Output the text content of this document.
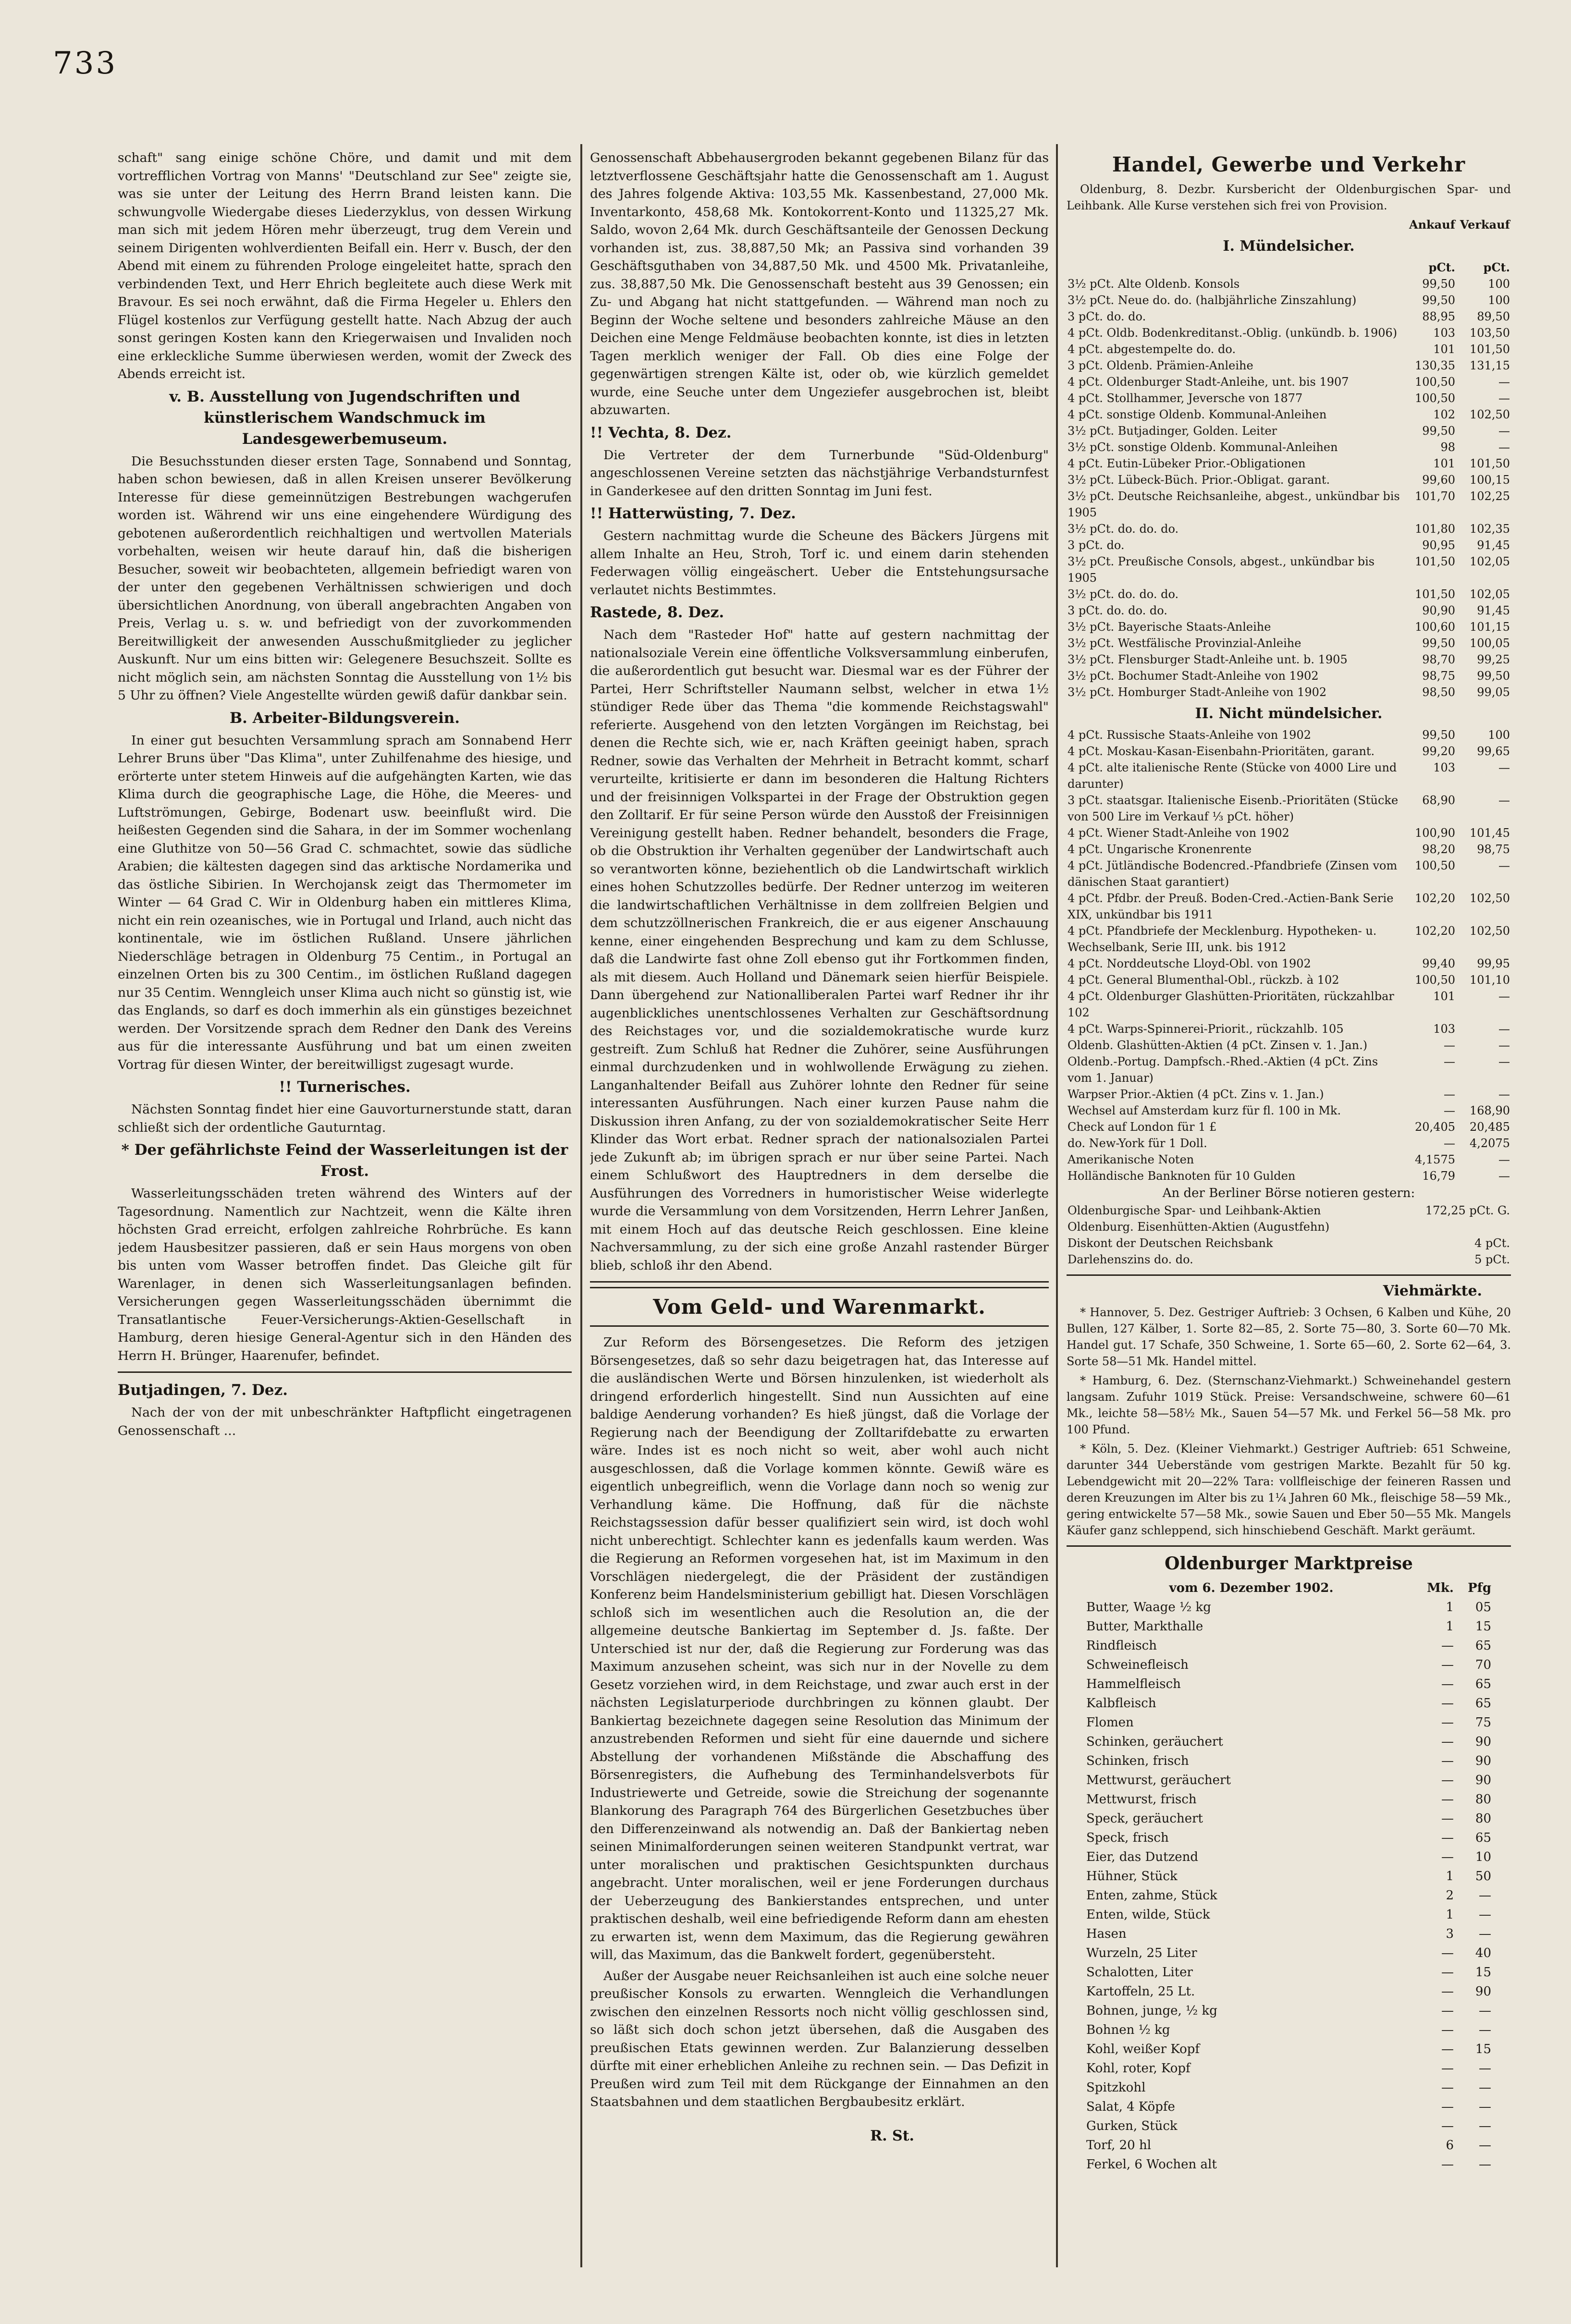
733

schaft" sang einige schöne Chöre, und damit und mit dem vortrefflichen Vortrag von Manns' "Deutschland zur See" zeigte sie, was sie unter der Leitung des Herrn Brand leisten kann. Die schwungvolle Wiedergabe dieses Liederzyklus, von dessen Wirkung man sich mit jedem Hören mehr überzeugt, trug dem Verein und seinem Dirigenten wohlverdienten Beifall ein. Herr v. Busch, der den Abend mit einem zu führenden Prologe eingeleitet hatte, sprach den verbindenden Text, und Herr Ehrich begleitete auch diese Werk mit Bravour. Es sei noch erwähnt, daß die Firma Hegeler u. Ehlers den Flügel kostenlos zur Verfügung gestellt hatte. Nach Abzug der auch sonst geringen Kosten kann den Kriegerwaisen und Invaliden noch eine erkleckliche Summe überwiesen werden, womit der Zweck des Abends erreicht ist.

v. B. Ausstellung von Jugendschriften und künstlerischem Wandschmuck im Landesgewerbemuseum.

Die Besuchsstunden dieser ersten Tage, Sonnabend und Sonntag, haben schon bewiesen, daß in allen Kreisen unserer Bevölkerung Interesse für diese gemeinnützigen Bestrebungen wachgerufen worden ist. Während wir uns eine eingehendere Würdigung des gebotenen außerordentlich reichhaltigen und wertvollen Materials vorbehalten, weisen wir heute darauf hin, daß die bisherigen Besucher, soweit wir beobachteten, allgemein befriedigt waren von der unter den gegebenen Verhältnissen schwierigen und doch übersichtlichen Anordnung, von überall angebrachten Angaben von Preis, Verlag u. s. w. und befriedigt von der zuvorkommenden Bereitwilligkeit der anwesenden Ausschußmitglieder zu jeglicher Auskunft. Nur um eins bitten wir: Gelegenere Besuchszeit. Sollte es nicht möglich sein, am nächsten Sonntag die Ausstellung von 1½ bis 5 Uhr zu öffnen? Viele Angestellte würden gewiß dafür dankbar sein.

B. Arbeiter-Bildungsverein.

In einer gut besuchten Versammlung sprach am Sonnabend Herr Lehrer Bruns über "Das Klima", unter Zuhilfenahme des hiesige, und erörterte unter stetem Hinweis auf die aufgehängten Karten, wie das Klima durch die geographische Lage, die Höhe, die Meeres- und Luftströmungen, Gebirge, Bodenart usw. beeinflußt wird. Die heißesten Gegenden sind die Sahara, in der im Sommer wochenlang eine Gluthitze von 50—56 Grad C. schmachtet, sowie das südliche Arabien; die kältesten dagegen sind das arktische Nordamerika und das östliche Sibirien. In Werchojansk zeigt das Thermometer im Winter — 64 Grad C. Wir in Oldenburg haben ein mittleres Klima, nicht ein rein ozeanisches, wie in Portugal und Irland, auch nicht das kontinentale, wie im östlichen Rußland. Unsere jährlichen Niederschläge betragen in Oldenburg 75 Centim., in Portugal an einzelnen Orten bis zu 300 Centim., im östlichen Rußland dagegen nur 35 Centim. Wenngleich unser Klima auch nicht so günstig ist, wie das Englands, so darf es doch immerhin als ein günstiges bezeichnet werden. Der Vorsitzende sprach dem Redner den Dank des Vereins aus für die interessante Ausführung und bat um einen zweiten Vortrag für diesen Winter, der bereitwilligst zugesagt wurde.

!! Turnerisches.

Nächsten Sonntag findet hier eine Gauvorturnerstunde statt, daran schließt sich der ordentliche Gauturntag.

* Der gefährlichste Feind der Wasserleitungen ist der Frost.

Wasserleitungsschäden treten während des Winters auf der Tagesordnung. Namentlich zur Nachtzeit, wenn die Kälte ihren höchsten Grad erreicht, erfolgen zahlreiche Rohrbrüche. Es kann jedem Hausbesitzer passieren, daß er sein Haus morgens von oben bis unten vom Wasser betroffen findet. Das Gleiche gilt für Warenlager, in denen sich Wasserleitungsanlagen befinden. Versicherungen gegen Wasserleitungsschäden übernimmt die Transatlantische Feuer-Versicherungs-Aktien-Gesellschaft in Hamburg, deren hiesige General-Agentur sich in den Händen des Herrn H. Brünger, Haarenufer, befindet.

Butjadingen, 7. Dez.

Nach der von der mit unbeschränkter Haftpflicht eingetragenen Genossenschaft ...

Genossenschaft Abbehausergroden bekannt gegebenen Bilanz für das letztverflossene Geschäftsjahr hatte die Genossenschaft am 1. August des Jahres folgende Aktiva: 103,55 Mk. Kassenbestand, 27,000 Mk. Inventarkonto, 458,68 Mk. Kontokorrent-Konto und 11325,27 Mk. Saldo, wovon 2,64 Mk. durch Geschäftsanteile der Genossen Deckung vorhanden ist, zus. 38,887,50 Mk; an Passiva sind vorhanden 39 Geschäftsguthaben von 34,887,50 Mk. und 4500 Mk. Privatanleihe, zus. 38,887,50 Mk. Die Genossenschaft besteht aus 39 Genossen; ein Zu- und Abgang hat nicht stattgefunden. — Während man noch zu Beginn der Woche seltene und besonders zahlreiche Mäuse an den Deichen eine Menge Feldmäuse beobachten konnte, ist dies in letzten Tagen merklich weniger der Fall. Ob dies eine Folge der gegenwärtigen strengen Kälte ist, oder ob, wie kürzlich gemeldet wurde, eine Seuche unter dem Ungeziefer ausgebrochen ist, bleibt abzuwarten.

!! Vechta, 8. Dez.

Die Vertreter der dem Turnerbunde "Süd-Oldenburg" angeschlossenen Vereine setzten das nächstjährige Verbandsturnfest in Ganderkesee auf den dritten Sonntag im Juni fest.

!! Hatterwüsting, 7. Dez.

Gestern nachmittag wurde die Scheune des Bäckers Jürgens mit allem Inhalte an Heu, Stroh, Torf ic. und einem darin stehenden Federwagen völlig eingeäschert. Ueber die Entstehungsursache verlautet nichts Bestimmtes.

Rastede, 8. Dez.

Nach dem "Rasteder Hof" hatte auf gestern nachmittag der nationalsoziale Verein eine öffentliche Volksversammlung einberufen, die außerordentlich gut besucht war. Diesmal war es der Führer der Partei, Herr Schriftsteller Naumann selbst, welcher in etwa 1½ stündiger Rede über das Thema "die kommende Reichstagswahl" referierte. Ausgehend von den letzten Vorgängen im Reichstag, bei denen die Rechte sich, wie er, nach Kräften geeinigt haben, sprach Redner, sowie das Verhalten der Mehrheit in Betracht kommt, scharf verurteilte, kritisierte er dann im besonderen die Haltung Richters und der freisinnigen Volkspartei in der Frage der Obstruktion gegen den Zolltarif. Er für seine Person würde den Ausstoß der Freisinnigen Vereinigung gestellt haben. Redner behandelt, besonders die Frage, ob die Obstruktion ihr Verhalten gegenüber der Landwirtschaft auch so verantworten könne, beziehentlich ob die Landwirtschaft wirklich eines hohen Schutzzolles bedürfe. Der Redner unterzog im weiteren die landwirtschaftlichen Verhältnisse in dem zollfreien Belgien und dem schutzzöllnerischen Frankreich, die er aus eigener Anschauung kenne, einer eingehenden Besprechung und kam zu dem Schlusse, daß die Landwirte fast ohne Zoll ebenso gut ihr Fortkommen finden, als mit diesem. Auch Holland und Dänemark seien hierfür Beispiele. Dann übergehend zur Nationalliberalen Partei warf Redner ihr ihr augenblickliches unentschlossenes Verhalten zur Geschäftsordnung des Reichstages vor, und die sozialdemokratische wurde kurz gestreift. Zum Schluß hat Redner die Zuhörer, seine Ausführungen einmal durchzudenken und in wohlwollende Erwägung zu ziehen. Langanhaltender Beifall aus Zuhörer lohnte den Redner für seine interessanten Ausführungen. Nach einer kurzen Pause nahm die Diskussion ihren Anfang, zu der von sozialdemokratischer Seite Herr Klinder das Wort erbat. Redner sprach der nationalsozialen Partei jede Zukunft ab; im übrigen sprach er nur über seine Partei. Nach einem Schlußwort des Hauptredners in dem derselbe die Ausführungen des Vorredners in humoristischer Weise widerlegte wurde die Versammlung von dem Vorsitzenden, Herrn Lehrer Janßen, mit einem Hoch auf das deutsche Reich geschlossen. Eine kleine Nachversammlung, zu der sich eine große Anzahl rastender Bürger blieb, schloß ihr den Abend.

Vom Geld- und Warenmarkt.

Zur Reform des Börsengesetzes. Die Reform des jetzigen Börsengesetzes, daß so sehr dazu beigetragen hat, das Interesse auf die ausländischen Werte und Börsen hinzulenken, ist wiederholt als dringend erforderlich hingestellt. Sind nun Aussichten auf eine baldige Aenderung vorhanden? Es hieß jüngst, daß die Vorlage der Regierung nach der Beendigung der Zolltarifdebatte zu erwarten wäre. Indes ist es noch nicht so weit, aber wohl auch nicht ausgeschlossen, daß die Vorlage kommen könnte. Gewiß wäre es eigentlich unbegreiflich, wenn die Vorlage dann noch so wenig zur Verhandlung käme. Die Hoffnung, daß für die nächste Reichstagssession dafür besser qualifiziert sein wird, ist doch wohl nicht unberechtigt. Schlechter kann es jedenfalls kaum werden. Was die Regierung an Reformen vorgesehen hat, ist im Maximum in den Vorschlägen niedergelegt, die der Präsident der zuständigen Konferenz beim Handelsministerium gebilligt hat. Diesen Vorschlägen schloß sich im wesentlichen auch die Resolution an, die der allgemeine deutsche Bankiertag im September d. Js. faßte. Der Unterschied ist nur der, daß die Regierung zur Forderung was das Maximum anzusehen scheint, was sich nur in der Novelle zu dem Gesetz vorziehen wird, in dem Reichstage, und zwar auch erst in der nächsten Legislaturperiode durchbringen zu können glaubt. Der Bankiertag bezeichnete dagegen seine Resolution das Minimum der anzustrebenden Reformen und sieht für eine dauernde und sichere Abstellung der vorhandenen Mißstände die Abschaffung des Börsenregisters, die Aufhebung des Terminhandelsverbots für Industriewerte und Getreide, sowie die Streichung der sogenannte Blankorung des Paragraph 764 des Bürgerlichen Gesetzbuches über den Differenzeinwand als notwendig an. Daß der Bankiertag neben seinen Minimalforderungen seinen weiteren Standpunkt vertrat, war unter moralischen und praktischen Gesichtspunkten durchaus angebracht. Unter moralischen, weil er jene Forderungen durchaus der Ueberzeugung des Bankierstandes entsprechen, und unter praktischen deshalb, weil eine befriedigende Reform dann am ehesten zu erwarten ist, wenn dem Maximum, das die Regierung gewähren will, das Maximum, das die Bankwelt fordert, gegenübersteht.

Außer der Ausgabe neuer Reichsanleihen ist auch eine solche neuer preußischer Konsols zu erwarten. Wenngleich die Verhandlungen zwischen den einzelnen Ressorts noch nicht völlig geschlossen sind, so läßt sich doch schon jetzt übersehen, daß die Ausgaben des preußischen Etats gewinnen werden. Zur Balanzierung desselben dürfte mit einer erheblichen Anleihe zu rechnen sein. — Das Defizit in Preußen wird zum Teil mit dem Rückgange der Einnahmen an den Staatsbahnen und dem staatlichen Bergbaubesitz erklärt.

R. St.
Handel, Gewerbe und Verkehr

Oldenburg, 8. Dezbr. Kursbericht der Oldenburgischen Spar- und Leihbank. Alle Kurse verstehen sich frei von Provision.

	Ankauf	Verkauf
I. Mündelsicher.
	pCt.	pCt.
3½ pCt. Alte Oldenb. Konsols	99,50	100
3½ pCt. Neue do. do. (halbjährliche Zinszahlung)	99,50	100
3 pCt. do. do.	88,95	89,50
4 pCt. Oldb. Bodenkreditanst.-Oblig. (unkündb. b. 1906)	103	103,50
4 pCt. abgestempelte do. do.	101	101,50
3 pCt. Oldenb. Prämien-Anleihe	130,35	131,15
4 pCt. Oldenburger Stadt-Anleihe, unt. bis 1907	100,50	—
4 pCt. Stollhammer, Jeversche von 1877	100,50	—
4 pCt. sonstige Oldenb. Kommunal-Anleihen	102	102,50
3½ pCt. Butjadinger, Golden. Leiter	99,50	—
3½ pCt. sonstige Oldenb. Kommunal-Anleihen	98	—
4 pCt. Eutin-Lübeker Prior.-Obligationen	101	101,50
3½ pCt. Lübeck-Büch. Prior.-Obligat. garant.	99,60	100,15
3½ pCt. Deutsche Reichsanleihe, abgest., unkündbar bis 1905	101,70	102,25
3½ pCt. do. do. do.	101,80	102,35
3 pCt. do.	90,95	91,45
3½ pCt. Preußische Consols, abgest., unkündbar bis 1905	101,50	102,05
3½ pCt. do. do. do.	101,50	102,05
3 pCt. do. do. do.	90,90	91,45
3½ pCt. Bayerische Staats-Anleihe	100,60	101,15
3½ pCt. Westfälische Provinzial-Anleihe	99,50	100,05
3½ pCt. Flensburger Stadt-Anleihe unt. b. 1905	98,70	99,25
3½ pCt. Bochumer Stadt-Anleihe von 1902	98,75	99,50
3½ pCt. Homburger Stadt-Anleihe von 1902	98,50	99,05
II. Nicht mündelsicher.
4 pCt. Russische Staats-Anleihe von 1902	99,50	100
4 pCt. Moskau-Kasan-Eisenbahn-Prioritäten, garant.	99,20	99,65
4 pCt. alte italienische Rente (Stücke von 4000 Lire und darunter)	103	—
3 pCt. staatsgar. Italienische Eisenb.-Prioritäten (Stücke von 500 Lire im Verkauf ⅓ pCt. höher)	68,90	—
4 pCt. Wiener Stadt-Anleihe von 1902	100,90	101,45
4 pCt. Ungarische Kronenrente	98,20	98,75
4 pCt. Jütländische Bodencred.-Pfandbriefe (Zinsen vom dänischen Staat garantiert)	100,50	—
4 pCt. Pfdbr. der Preuß. Boden-Cred.-Actien-Bank Serie XIX, unkündbar bis 1911	102,20	102,50
4 pCt. Pfandbriefe der Mecklenburg. Hypotheken- u. Wechselbank, Serie III, unk. bis 1912	102,20	102,50
4 pCt. Norddeutsche Lloyd-Obl. von 1902	99,40	99,95
4 pCt. General Blumenthal-Obl., rückzb. à 102	100,50	101,10
4 pCt. Oldenburger Glashütten-Prioritäten, rückzahlbar 102	101	—
4 pCt. Warps-Spinnerei-Priorit., rückzahlb. 105	103	—
Oldenb. Glashütten-Aktien (4 pCt. Zinsen v. 1. Jan.)	—	—
Oldenb.-Portug. Dampfsch.-Rhed.-Aktien (4 pCt. Zins vom 1. Januar)	—	—
Warpser Prior.-Aktien (4 pCt. Zins v. 1. Jan.)	—	—
Wechsel auf Amsterdam kurz für fl. 100 in Mk.	—	168,90
Check auf London für 1 £	20,405	20,485
do. New-York für 1 Doll.	—	4,2075
Amerikanische Noten	4,1575	—
Holländische Banknoten für 10 Gulden	16,79	—
An der Berliner Börse notieren gestern:
Oldenburgische Spar- und Leihbank-Aktien	172,25 pCt. G.
Oldenburg. Eisenhütten-Aktien (Augustfehn)	
Diskont der Deutschen Reichsbank	4 pCt.
Darlehenszins do. do.	5 pCt.
Viehmärkte.

* Hannover, 5. Dez. Gestriger Auftrieb: 3 Ochsen, 6 Kalben und Kühe, 20 Bullen, 127 Kälber, 1. Sorte 82—85, 2. Sorte 75—80, 3. Sorte 60—70 Mk. Handel gut. 17 Schafe, 350 Schweine, 1. Sorte 65—60, 2. Sorte 62—64, 3. Sorte 58—51 Mk. Handel mittel.

* Hamburg, 6. Dez. (Sternschanz-Viehmarkt.) Schweinehandel gestern langsam. Zufuhr 1019 Stück. Preise: Versandschweine, schwere 60—61 Mk., leichte 58—58½ Mk., Sauen 54—57 Mk. und Ferkel 56—58 Mk. pro 100 Pfund.

* Köln, 5. Dez. (Kleiner Viehmarkt.) Gestriger Auftrieb: 651 Schweine, darunter 344 Ueberstände vom gestrigen Markte. Bezahlt für 50 kg. Lebendgewicht mit 20—22% Tara: vollfleischige der feineren Rassen und deren Kreuzungen im Alter bis zu 1¼ Jahren 60 Mk., fleischige 58—59 Mk., gering entwickelte 57—58 Mk., sowie Sauen und Eber 50—55 Mk. Mangels Käufer ganz schleppend, sich hinschiebend Geschäft. Markt geräumt.

Oldenburger Marktpreise
vom 6. Dezember 1902.	Mk.	Pfg
Butter, Waage ½ kg	1	05
Butter, Markthalle	1	15
Rindfleisch	—	65
Schweinefleisch	—	70
Hammelfleisch	—	65
Kalbfleisch	—	65
Flomen	—	75
Schinken, geräuchert	—	90
Schinken, frisch	—	90
Mettwurst, geräuchert	—	90
Mettwurst, frisch	—	80
Speck, geräuchert	—	80
Speck, frisch	—	65
Eier, das Dutzend	—	10
Hühner, Stück	1	50
Enten, zahme, Stück	2	—
Enten, wilde, Stück	1	—
Hasen	3	—
Wurzeln, 25 Liter	—	40
Schalotten, Liter	—	15
Kartoffeln, 25 Lt.	—	90
Bohnen, junge, ½ kg	—	—
Bohnen ½ kg	—	—
Kohl, weißer Kopf	—	15
Kohl, roter, Kopf	—	—
Spitzkohl	—	—
Salat, 4 Köpfe	—	—
Gurken, Stück	—	—
Torf, 20 hl	6	—
Ferkel, 6 Wochen alt	—	—
